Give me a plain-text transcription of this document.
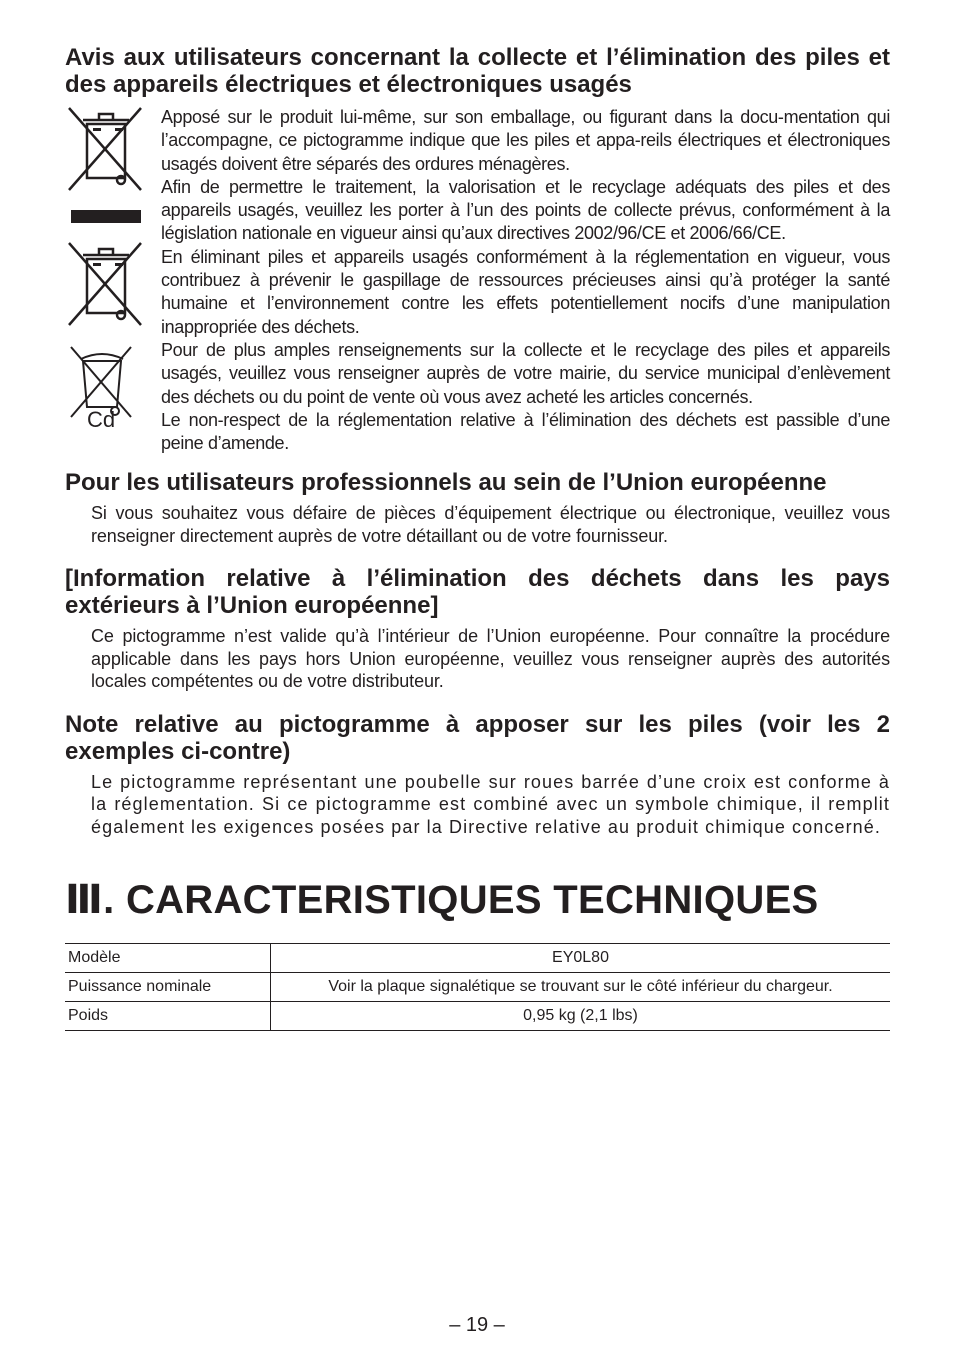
Avis aux utilisateurs concernant la collecte et l’élimination des piles et des appareils électriques et électroniques usagés
Cd

Apposé sur le produit lui-même, sur son emballage, ou figurant dans la docu-mentation qui l’accompagne, ce pictogramme indique que les piles et appa-reils électriques et électroniques usagés doivent être séparés des ordures ménagères.

Afin de permettre le traitement, la valorisation et le recyclage adéquats des piles et des appareils usagés, veuillez les porter à l’un des points de collecte prévus, conformément à la législation nationale en vigueur ainsi qu’aux directives 2002/96/CE et 2006/66/CE.

En éliminant piles et appareils usagés conformément à la réglementation en vigueur, vous contribuez à prévenir le gaspillage de ressources précieuses ainsi qu’à protéger la santé humaine et l’environnement contre les effets potentiellement nocifs d’une manipulation inappropriée des déchets.

Pour de plus amples renseignements sur la collecte et le recyclage des piles et appareils usagés, veuillez vous renseigner auprès de votre mairie, du service municipal d’enlèvement des déchets ou du point de vente où vous avez acheté les articles concernés.

Le non-respect de la réglementation relative à l’élimination des déchets est passible d’une peine d’amende.

Pour les utilisateurs professionnels au sein de l’Union européenne

Si vous souhaitez vous défaire de pièces d’équipement électrique ou électronique, veuillez vous renseigner directement auprès de votre détaillant ou de votre fournisseur.

[Information relative à l’élimination des déchets dans les pays extérieurs à l’Union européenne]

Ce pictogramme n’est valide qu’à l’intérieur de l’Union européenne. Pour connaître la procédure applicable dans les pays hors Union européenne, veuillez vous renseigner auprès des autorités locales compétentes ou de votre distributeur.

Note relative au pictogramme à apposer sur les piles (voir les 2 exemples ci-contre)

Le pictogramme représentant une poubelle sur roues barrée d’une croix est conforme à la réglementation. Si ce pictogramme est combiné avec un symbole chimique, il remplit également les exigences posées par la Directive relative au produit chimique concerné.

Ⅲ. CARACTERISTIQUES TECHNIQUES
Modèle	EY0L80
Puissance nominale	Voir la plaque signalétique se trouvant sur le côté inférieur du chargeur.
Poids	0,95 kg (2,1 lbs)
– 19 –
